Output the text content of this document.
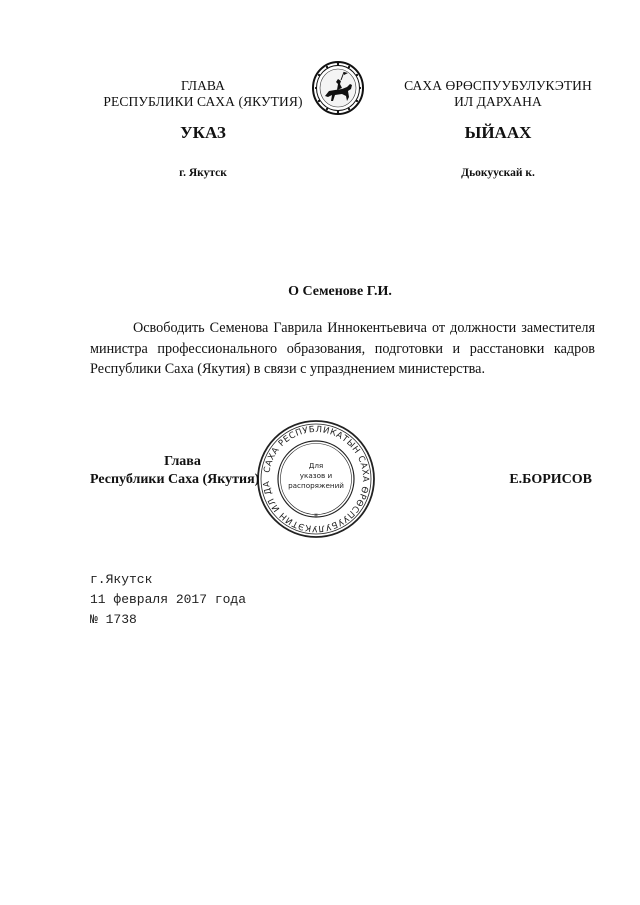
ГЛАВА
РЕСПУБЛИКИ САХА (ЯКУТИЯ)
САХА ӨРӨСПУУБУЛУКЭТИН
ИЛ ДАРХАНА
УКАЗ	ЫЙААХ
г. Якутск	Дьокуускай к.
О Семенове Г.И.
Освободить Семенова Гаврила Иннокентьевича от должности заместителя министра профессионального образования, подготовки и расстановки кадров Республики Саха (Якутия) в связи с упразднением министерства.
САХА РЕСПУБЛИКАТЫН САХА ӨРӨСПУУБУЛУКЭТИН ИЛ ДА
*
Для
указов и
распоряжений
Глава
Республики Саха (Якутия)	Е.БОРИСОВ
г.Якутск
11 февраля 2017 года
№ 1738
